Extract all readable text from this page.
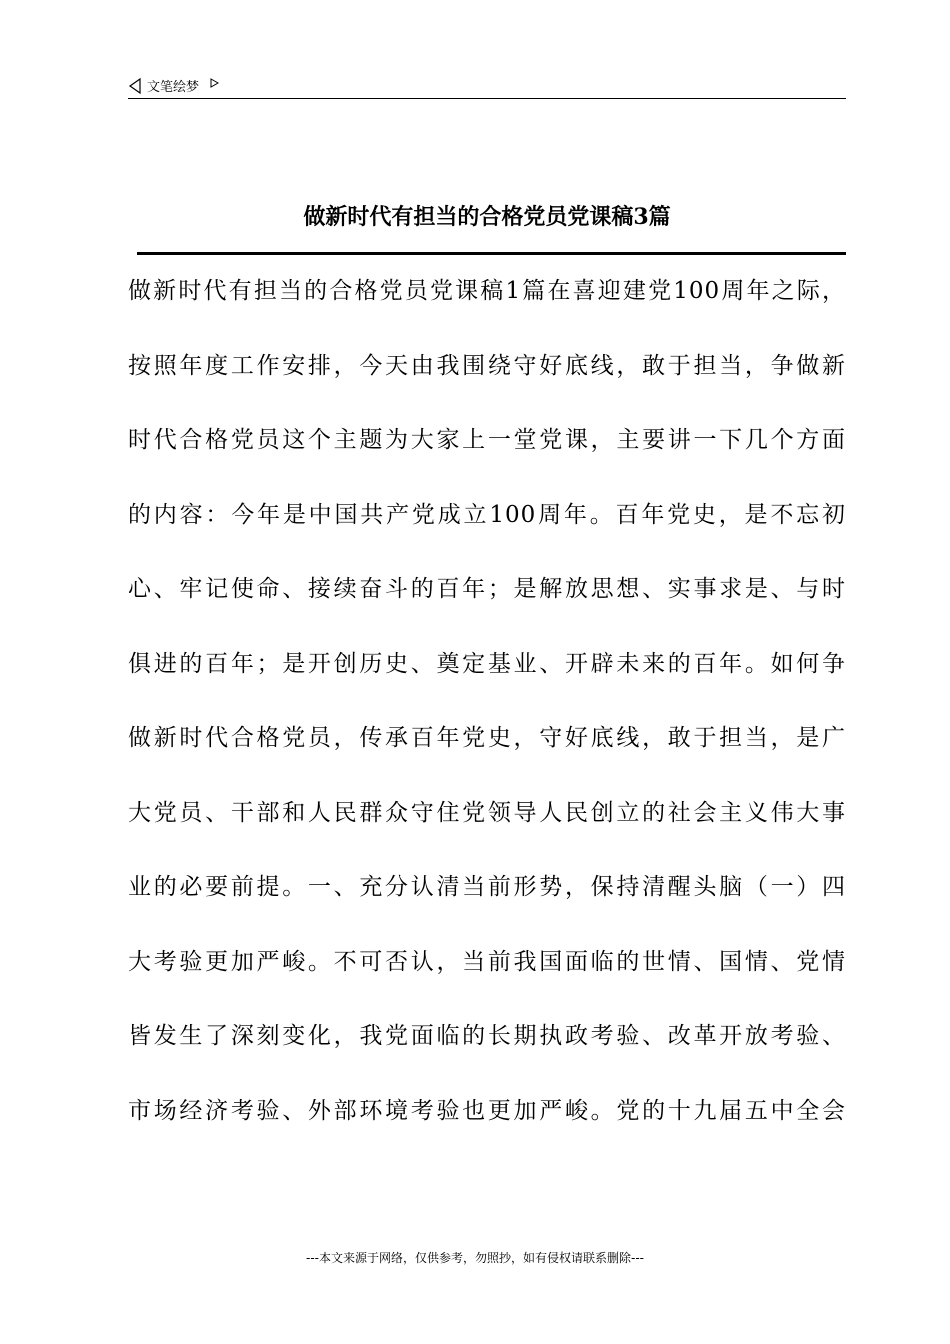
文笔绘梦
做新时代有担当的合格党员党课稿3篇
做新时代有担当的合格党员党课稿1篇在喜迎建党100周年之际，
按照年度工作安排，今天由我围绕守好底线，敢于担当，争做新
时代合格党员这个主题为大家上一堂党课，主要讲一下几个方面
的内容：今年是中国共产党成立100周年。百年党史，是不忘初
心、牢记使命、接续奋斗的百年；是解放思想、实事求是、与时
俱进的百年；是开创历史、奠定基业、开辟未来的百年。如何争
做新时代合格党员，传承百年党史，守好底线，敢于担当，是广
大党员、干部和人民群众守住党领导人民创立的社会主义伟大事
业的必要前提。一、充分认清当前形势，保持清醒头脑（一）四
大考验更加严峻。不可否认，当前我国面临的世情、国情、党情
皆发生了深刻变化，我党面临的长期执政考验、改革开放考验、
市场经济考验、外部环境考验也更加严峻。党的十九届五中全会
---本文来源于网络，仅供参考，勿照抄，如有侵权请联系删除---
